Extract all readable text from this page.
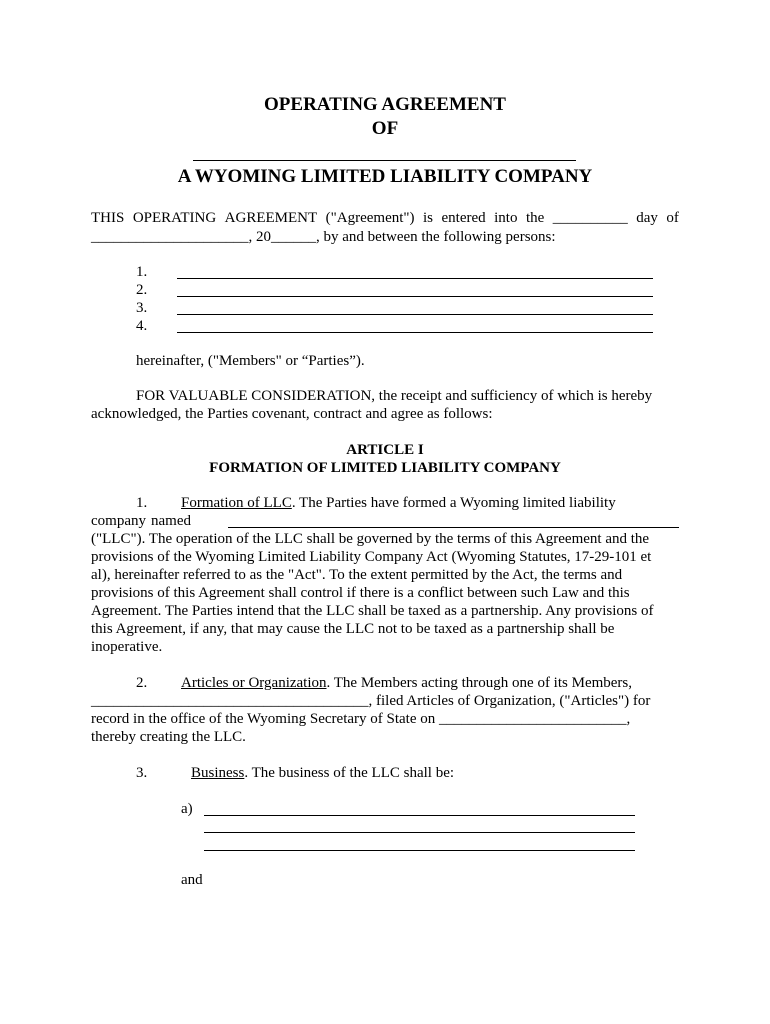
OPERATING AGREEMENT
OF
A WYOMING LIMITED LIABILITY COMPANY
THIS OPERATING AGREEMENT ("Agreement") is entered into the __________ day of
_____________________, 20______, by and between the following persons:
1.
2.
3.
4.
hereinafter, ("Members" or “Parties”).
FOR VALUABLE CONSIDERATION, the receipt and sufficiency of which is hereby
acknowledged, the Parties covenant, contract and agree as follows:
ARTICLE I
FORMATION OF LIMITED LIABILITY COMPANY
1. Formation of LLC. The Parties have formed a Wyoming limited liability
company named
("LLC"). The operation of the LLC shall be governed by the terms of this Agreement and the
provisions of the Wyoming Limited Liability Company Act (Wyoming Statutes, 17-29-101 et
al), hereinafter referred to as the "Act". To the extent permitted by the Act, the terms and
provisions of this Agreement shall control if there is a conflict between such Law and this
Agreement. The Parties intend that the LLC shall be taxed as a partnership. Any provisions of
this Agreement, if any, that may cause the LLC not to be taxed as a partnership shall be
inoperative.
2. Articles or Organization. The Members acting through one of its Members,
_____________________________________, filed Articles of Organization, ("Articles") for
record in the office of the Wyoming Secretary of State on _________________________,
thereby creating the LLC.
3.	Business. The business of the LLC shall be:
a)
and
